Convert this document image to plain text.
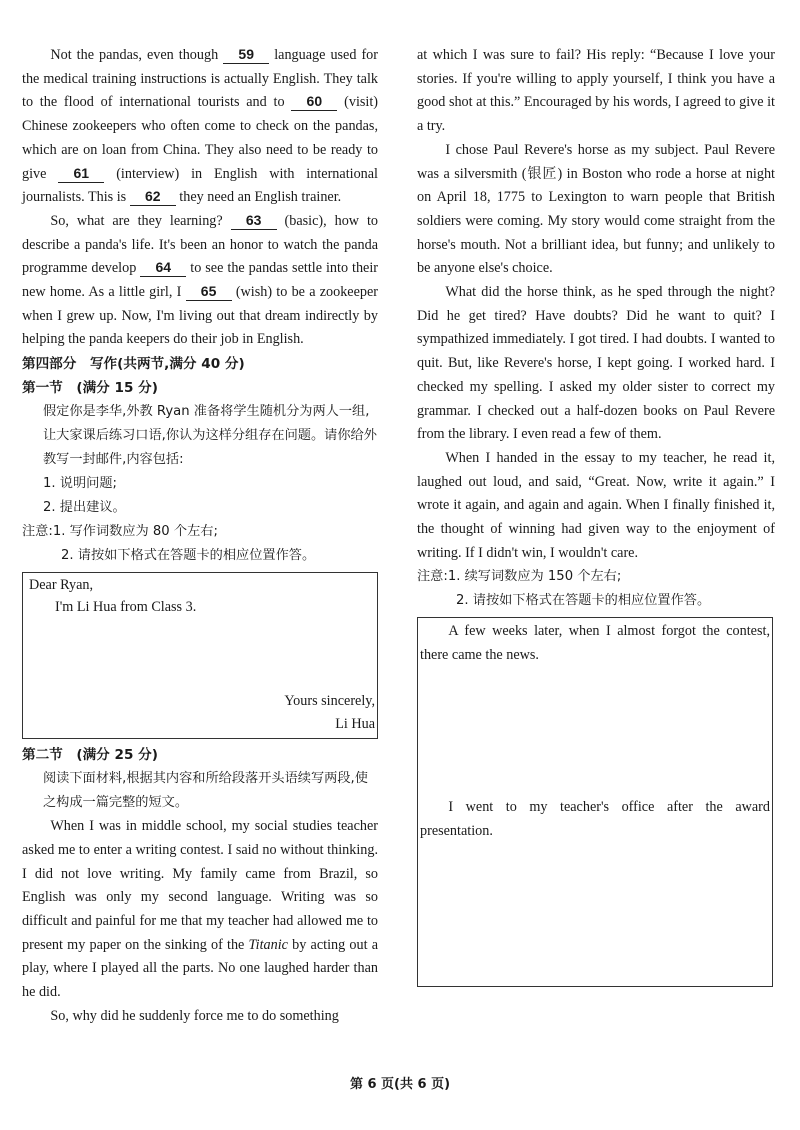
Not the pandas, even though 59 language used for the medical training instructions is actually English. They talk to the flood of international tourists and to 60 (visit) Chinese zookeepers who often come to check on the pandas, which are on loan from China. They also need to be ready to give 61 (interview) in English with international journalists. This is 62 they need an English trainer.

So, what are they learning? 63 (basic), how to describe a panda's life. It's been an honor to watch the panda programme develop 64 to see the pandas settle into their new home. As a little girl, I 65 (wish) to be a zookeeper when I grew up. Now, I'm living out that dream indirectly by helping the panda keepers do their job in English.

第四部分　写作(共两节,满分 40 分)
第一节　(满分 15 分)
假定你是李华,外教 Ryan 准备将学生随机分为两人一组,让大家课后练习口语,你认为这样分组存在问题。请你给外教写一封邮件,内容包括:
1. 说明问题;
2. 提出建议。
注意:1. 写作词数应为 80 个左右;
2. 请按如下格式在答题卡的相应位置作答。
Dear Ryan,
I'm Li Hua from Class 3.
Yours sincerely,
Li Hua
第二节　(满分 25 分)
阅读下面材料,根据其内容和所给段落开头语续写两段,使之构成一篇完整的短文。

When I was in middle school, my social studies teacher asked me to enter a writing contest. I said no without thinking. I did not love writing. My family came from Brazil, so English was only my second language. Writing was so difficult and painful for me that my teacher had allowed me to present my paper on the sinking of the Titanic by acting out a play, where I played all the parts. No one laughed harder than he did.

So, why did he suddenly force me to do something

at which I was sure to fail? His reply: “Because I love your stories. If you're willing to apply yourself, I think you have a good shot at this.” Encouraged by his words, I agreed to give it a try.

I chose Paul Revere's horse as my subject. Paul Revere was a silversmith (银匠) in Boston who rode a horse at night on April 18, 1775 to Lexington to warn people that British soldiers were coming. My story would come straight from the horse's mouth. Not a brilliant idea, but funny; and unlikely to be anyone else's choice.

What did the horse think, as he sped through the night? Did he get tired? Have doubts? Did he want to quit? I sympathized immediately. I got tired. I had doubts. I wanted to quit. But, like Revere's horse, I kept going. I worked hard. I checked my spelling. I asked my older sister to correct my grammar. I checked out a half-dozen books on Paul Revere from the library. I even read a few of them.

When I handed in the essay to my teacher, he read it, laughed out loud, and said, “Great. Now, write it again.” I wrote it again, and again and again. When I finally finished it, the thought of winning had given way to the enjoyment of writing. If I didn't win, I wouldn't care.

注意:1. 续写词数应为 150 个左右;
2. 请按如下格式在答题卡的相应位置作答。

A few weeks later, when I almost forgot the contest, there came the news.

I went to my teacher's office after the award presentation.

第 6 页(共 6 页)
